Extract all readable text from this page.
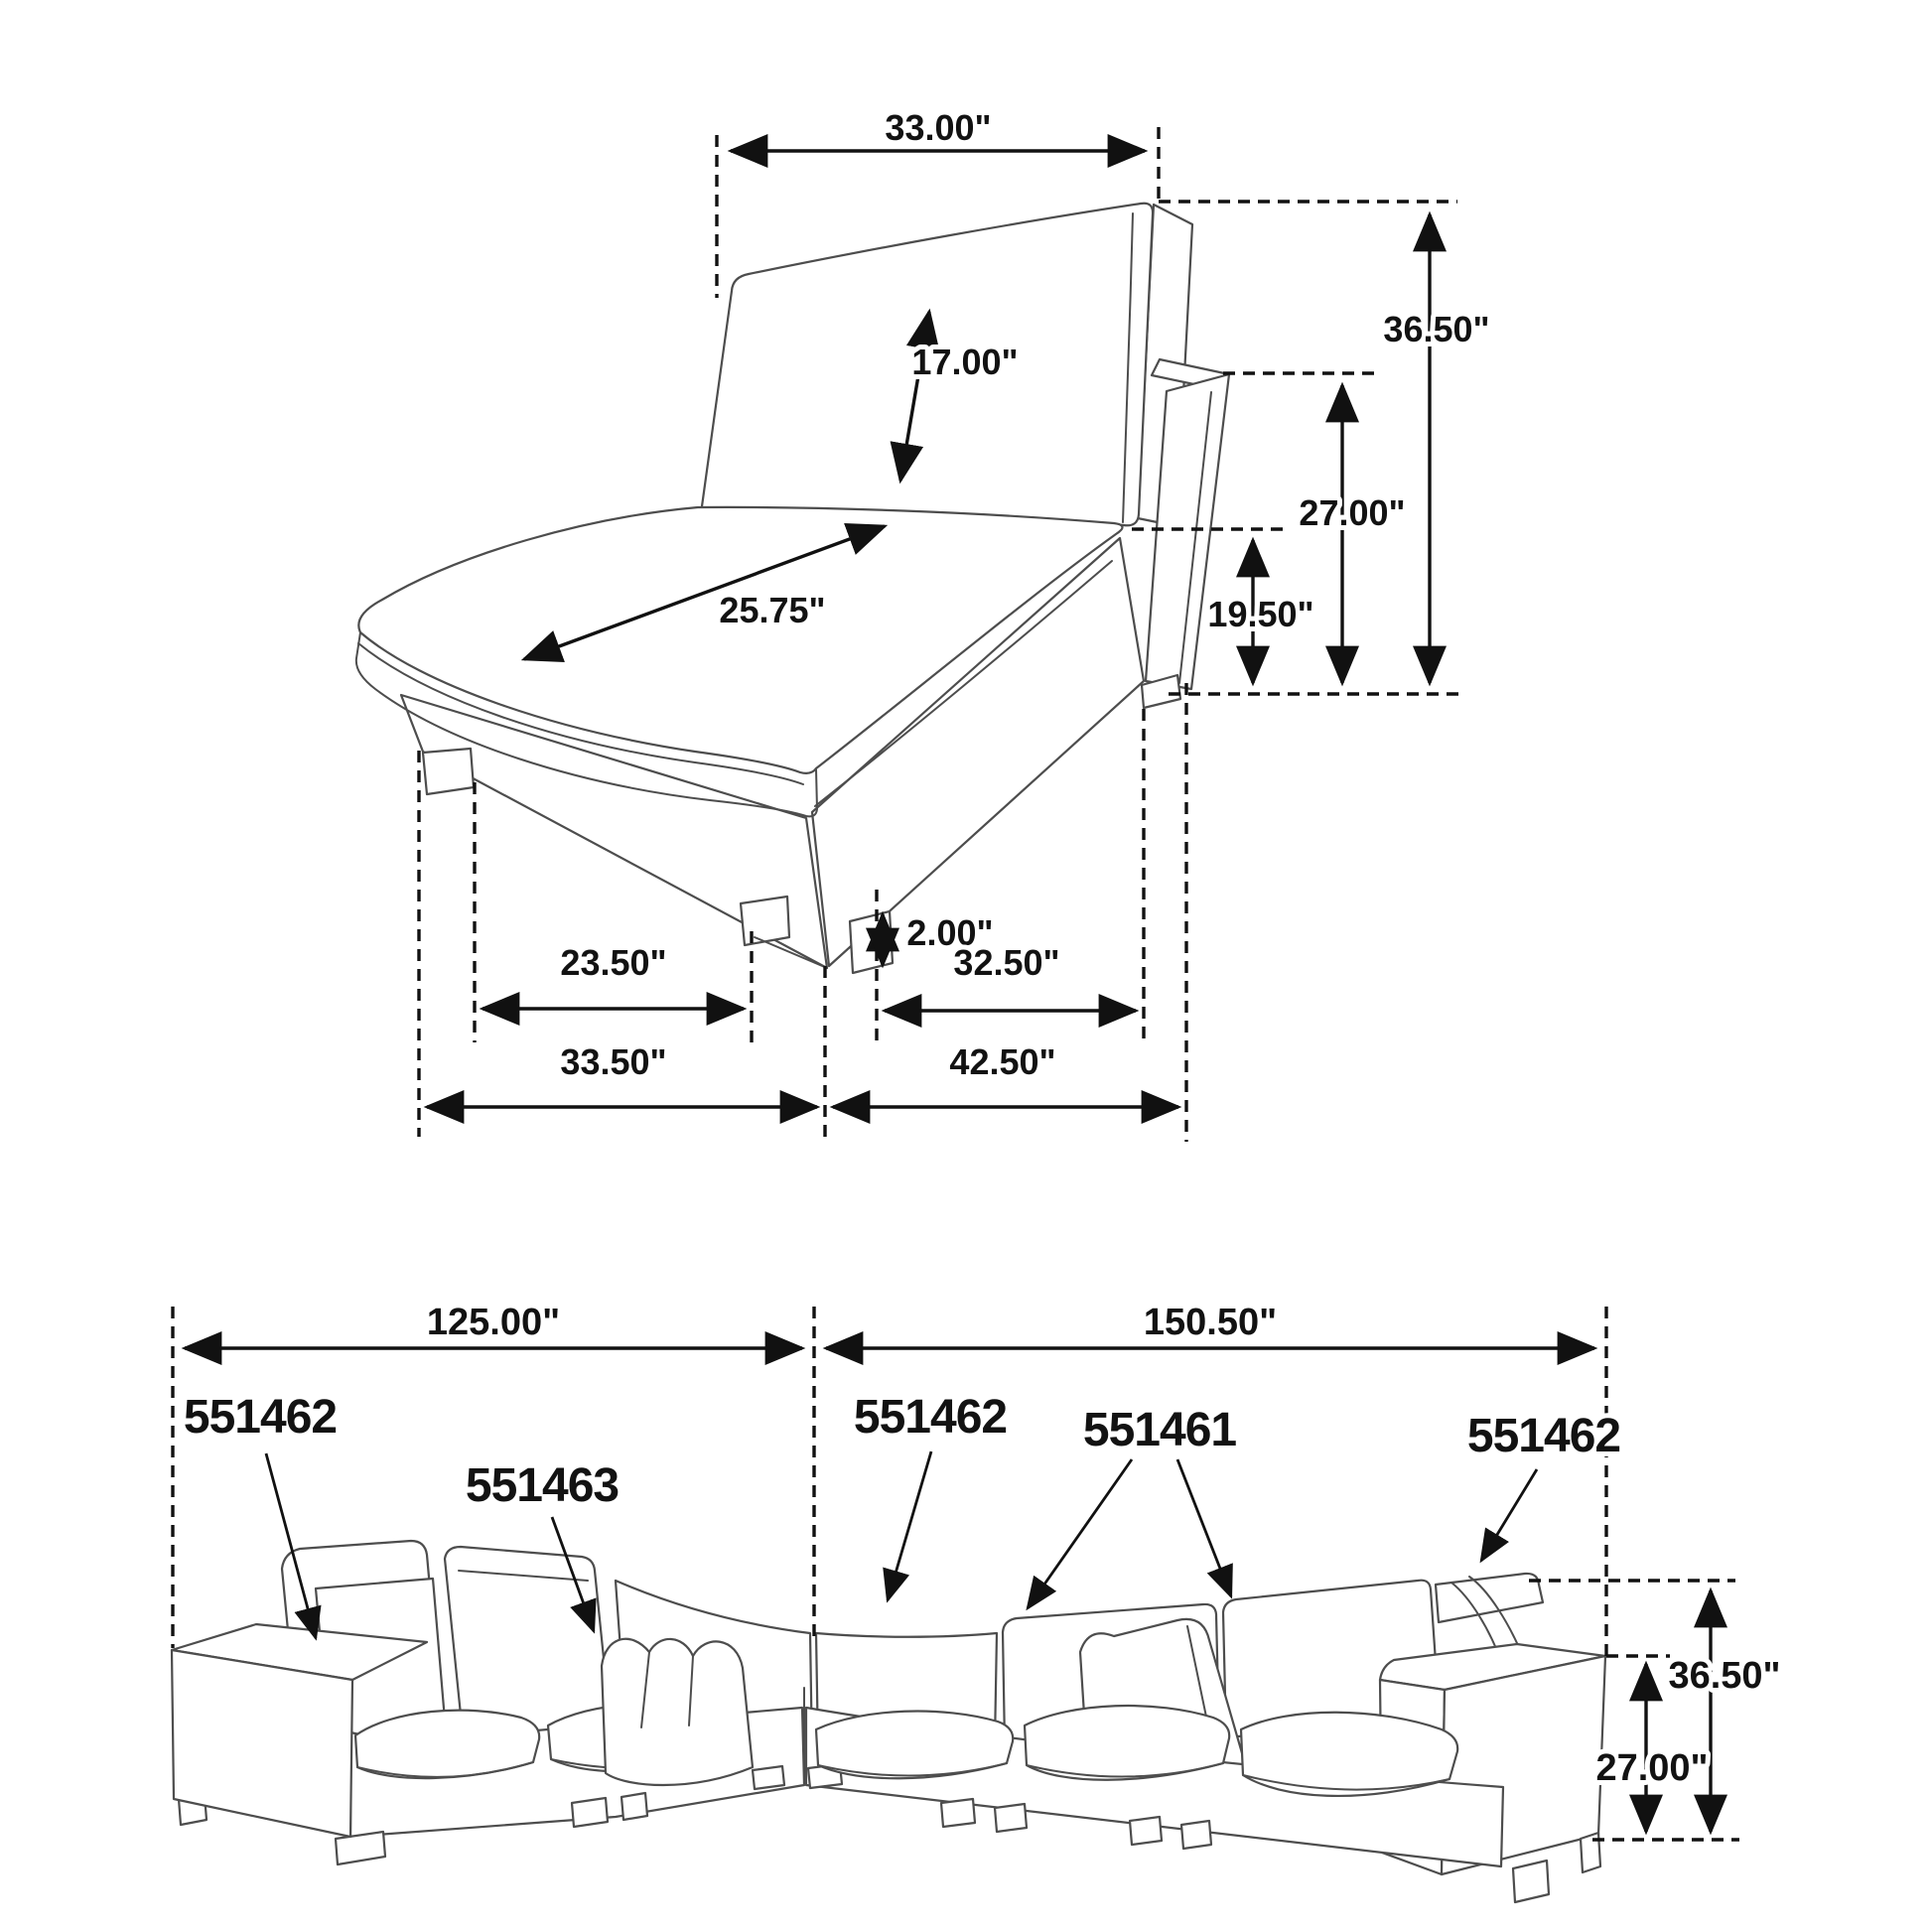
33.00"
36.50"
27.00"
19.50"
17.00"
25.75"
2.00"
23.50"	32.50"
33.50"	42.50"
125.00"	150.50"
36.50"
27.00"
551462
551463
551462 551461	551462
